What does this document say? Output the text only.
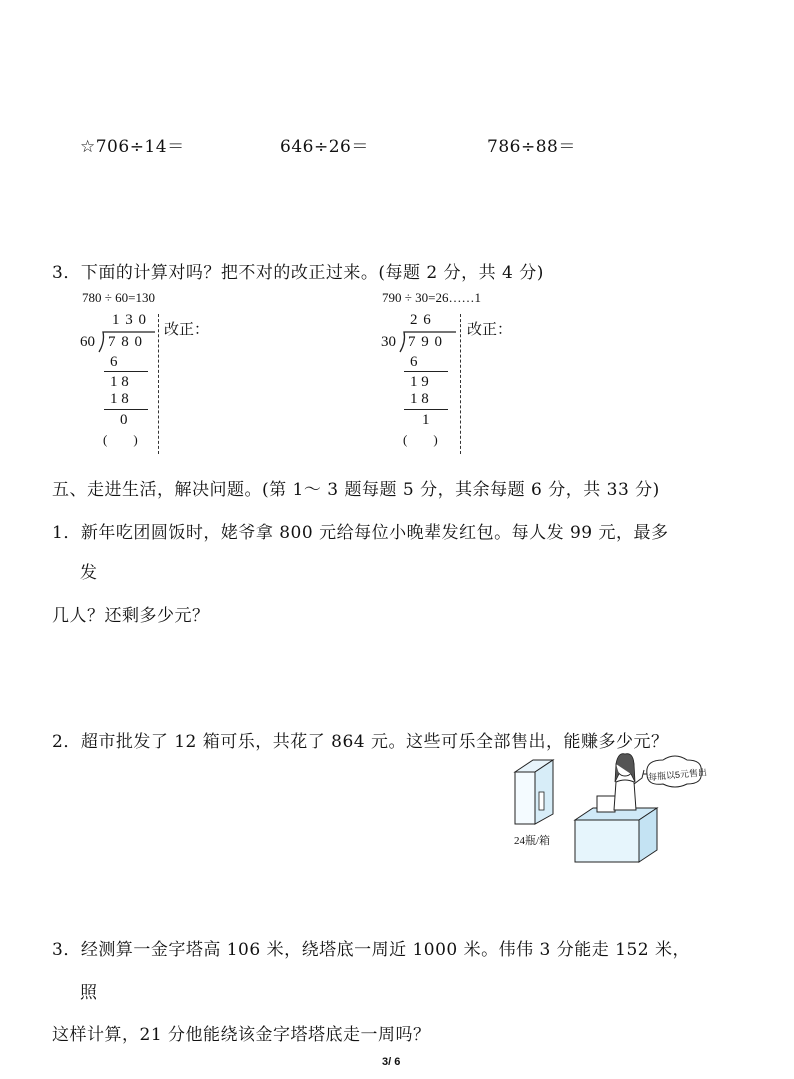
☆706÷14＝	646÷26＝	786÷88＝
3．下面的计算对吗？把不对的改正过来。(每题 2 分，共 4 分)
780 ÷ 60=130
1 3 0
60 7 8 0
6
1 8
1 8
0
(　　)
改正：
790 ÷ 30=26……1
2 6
30 7 9 0
6
1 9
1 8
1
(　　)
改正：
五、走进生活，解决问题。(第 1～ 3 题每题 5 分，其余每题 6 分，共 33 分)
1．新年吃团圆饭时，姥爷拿 800 元给每位小晚辈发红包。每人发 99 元，最多
发
几人？还剩多少元？
2．超市批发了 12 箱可乐，共花了 864 元。这些可乐全部售出，能赚多少元？
每瓶以5元售出
24瓶/箱
3．经测算一金字塔高 106 米，绕塔底一周近 1000 米。伟伟 3 分能走 152 米，
照
这样计算，21 分他能绕该金字塔塔底走一周吗？
3/ 6
